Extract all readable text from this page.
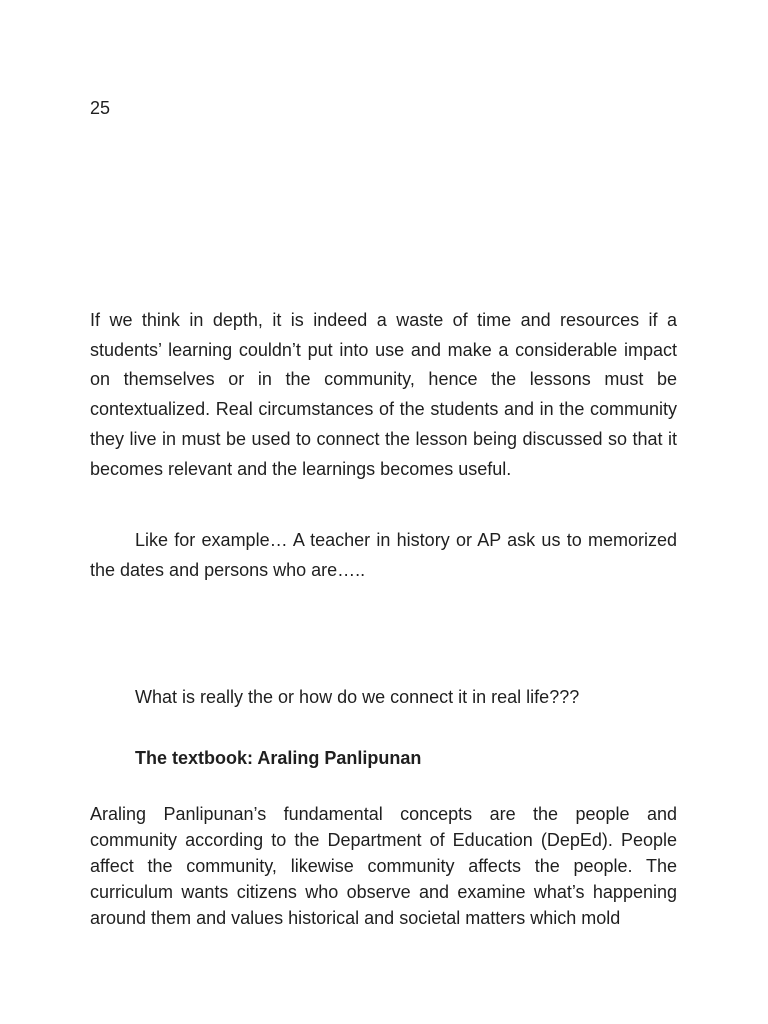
25

If we think in depth, it is indeed a waste of time and resources if a students’ learning couldn’t put into use and make a considerable impact on themselves or in the community, hence the lessons must be contextualized. Real circumstances of the students and in the community they live in must be used to connect the lesson being discussed so that it becomes relevant and the learnings becomes useful.

Like for example… A teacher in history or AP ask us to memorized the dates and persons who are…..

What is really the or how do we connect it in real life???

The textbook: Araling Panlipunan

Araling Panlipunan’s fundamental concepts are the people and community according to the Department of Education (DepEd). People affect the community, likewise community affects the people. The curriculum wants citizens who observe and examine what’s happening around them and values historical and societal matters which mold
